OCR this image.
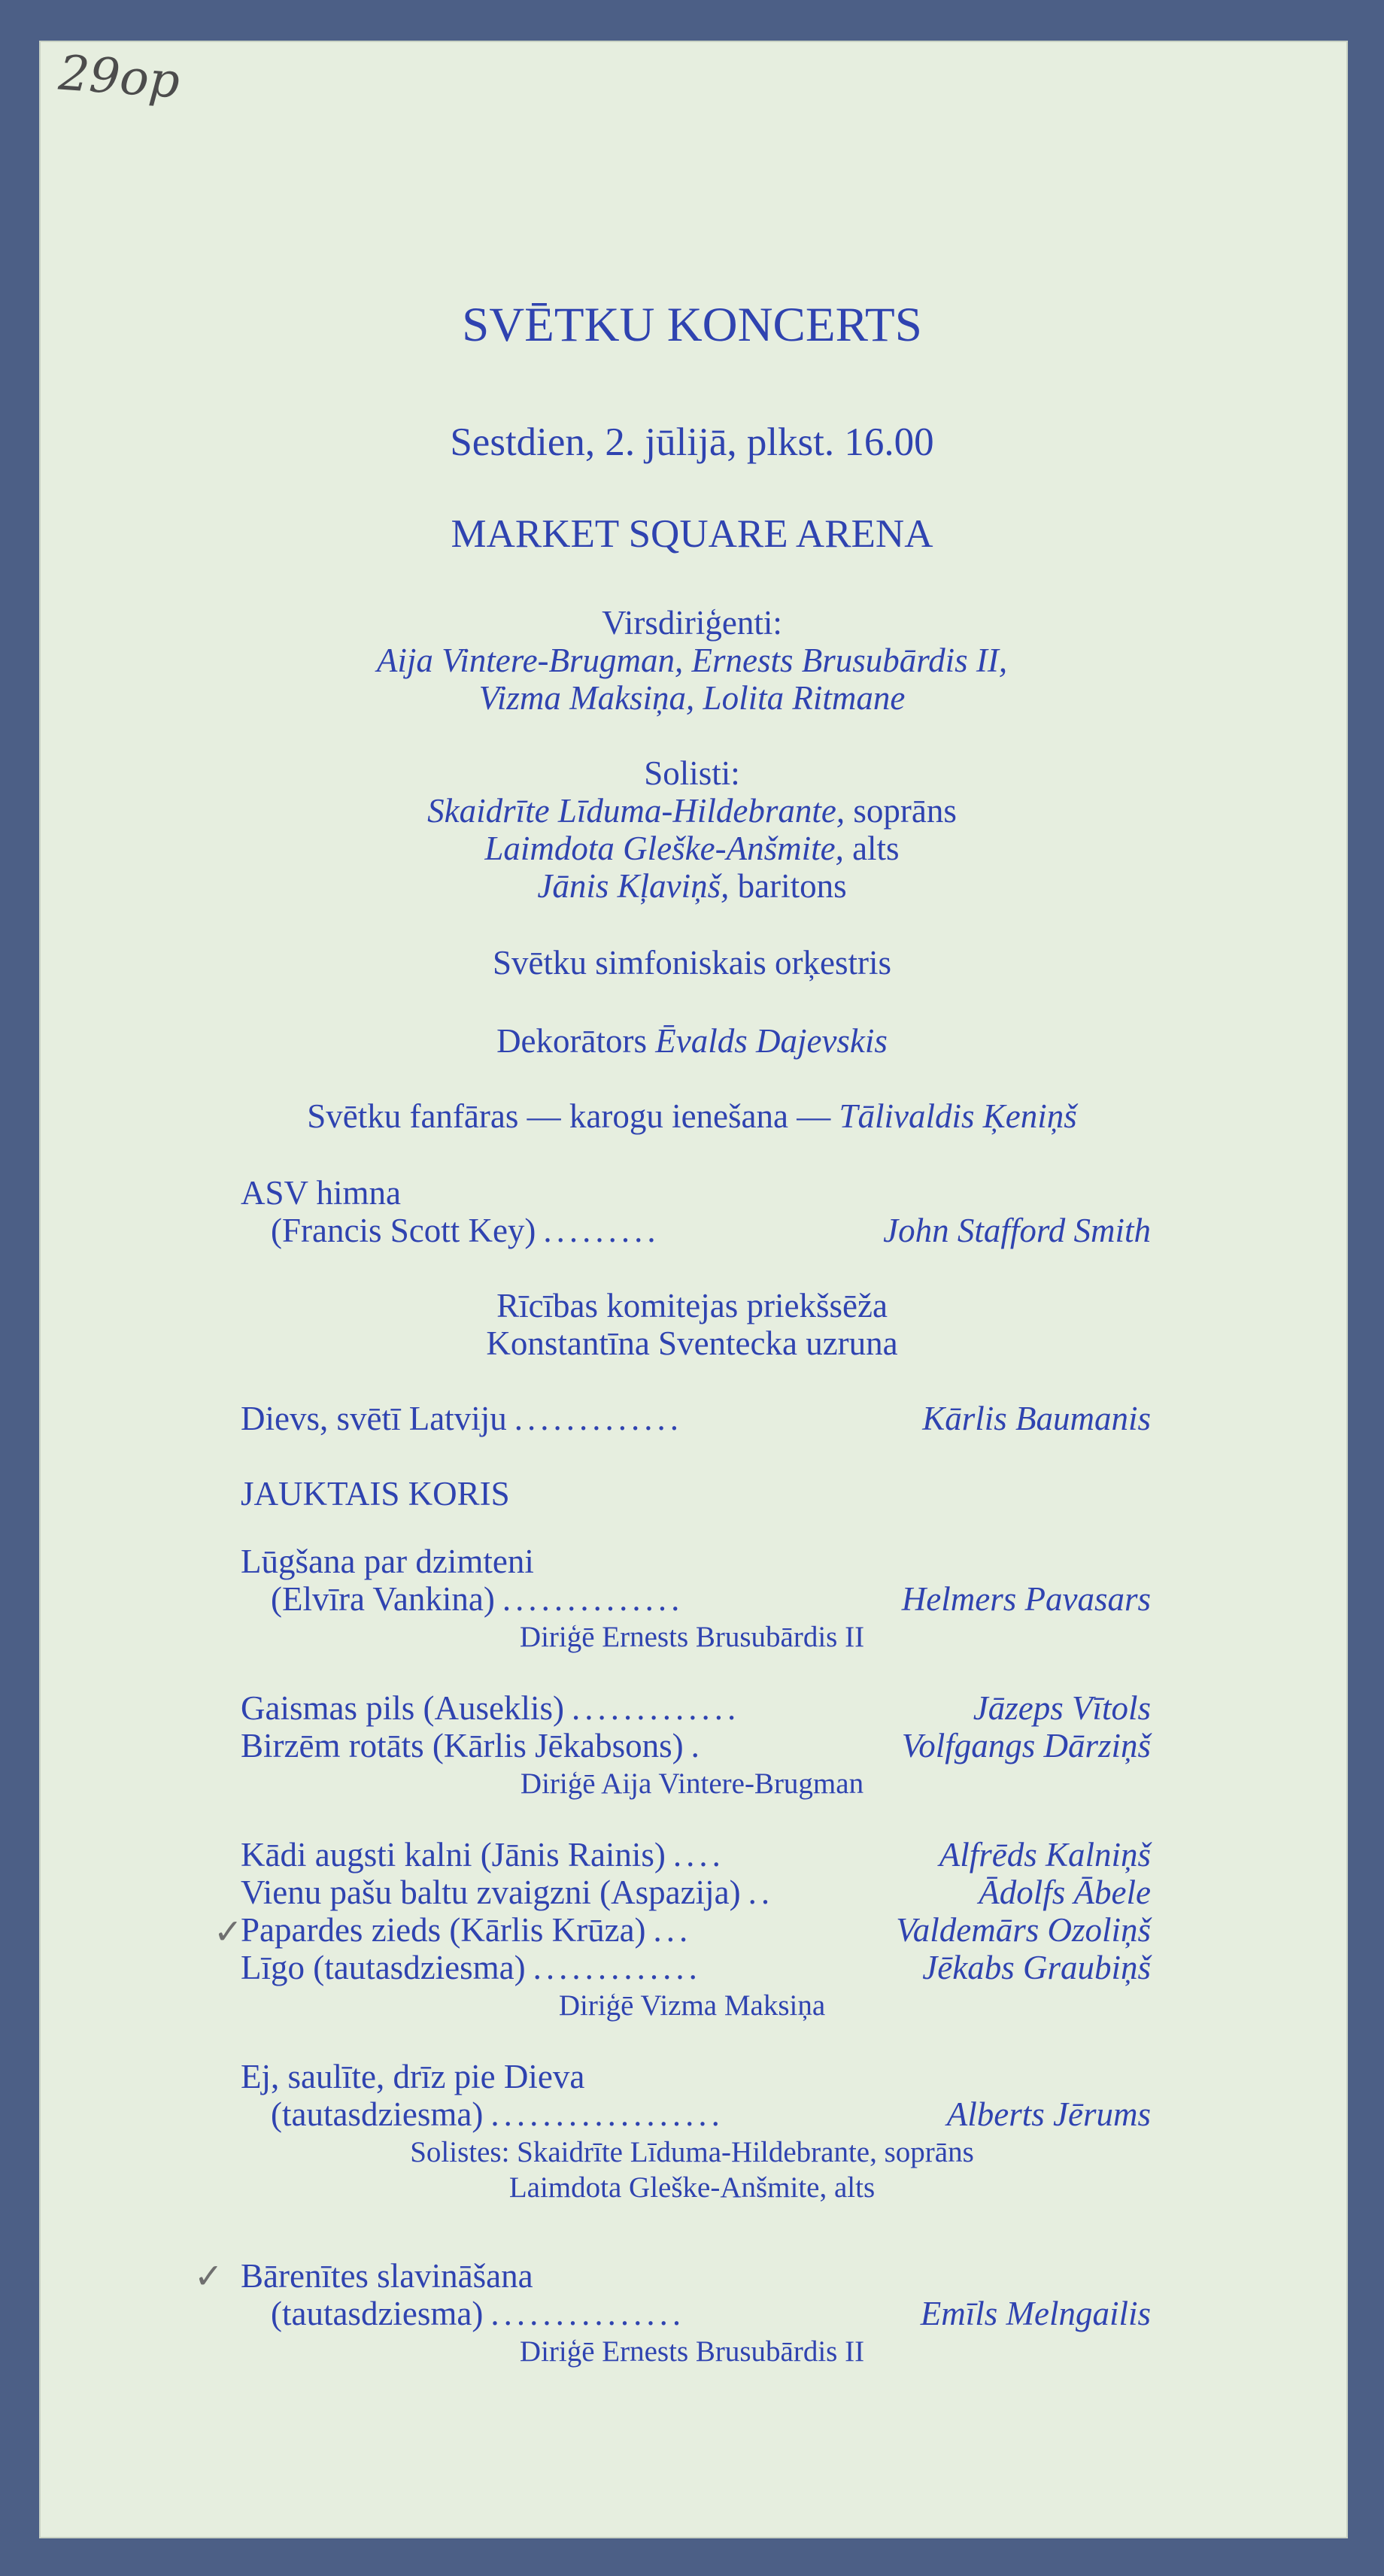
29op
SVĒTKU KONCERTS
Sestdien, 2. jūlijā, plkst. 16.00
MARKET SQUARE ARENA
Virsdiriģenti:
Aija Vintere-Brugman, Ernests Brusubārdis II,
Vizma Maksiņa, Lolita Ritmane
Solisti:
Skaidrīte Līduma-Hildebrante, soprāns
Laimdota Gleške-Anšmite, alts
Jānis Kļaviņš, baritons
Svētku simfoniskais orķestris
Dekorātors Ēvalds Dajevskis
Svētku fanfāras — karogu ienešana — Tālivaldis Ķeniņš
ASV himna
(Francis Scott Key) .........	John Stafford Smith
Rīcības komitejas priekšsēža
Konstantīna Sventecka uzruna
Dievs, svētī Latviju .............	Kārlis Baumanis
JAUKTAIS KORIS
Lūgšana par dzimteni
(Elvīra Vankina) ..............	Helmers Pavasars
Diriģē Ernests Brusubārdis II
Gaismas pils (Auseklis) .............	Jāzeps Vītols
Birzēm rotāts (Kārlis Jēkabsons) .	Volfgangs Dārziņš
Diriģē Aija Vintere-Brugman
Kādi augsti kalni (Jānis Rainis) ....	Alfrēds Kalniņš
Vienu pašu baltu zvaigzni (Aspazija) ..	Ādolfs Ābele
✓
Papardes zieds (Kārlis Krūza) ...	Valdemārs Ozoliņš
Līgo (tautasdziesma) .............	Jēkabs Graubiņš
Diriģē Vizma Maksiņa
Ej, saulīte, drīz pie Dieva
(tautasdziesma) ..................	Alberts Jērums
Solistes: Skaidrīte Līduma-Hildebrante, soprāns
Laimdota Gleške-Anšmite, alts
✓ Bārenītes slavināšana
(tautasdziesma) ...............	Emīls Melngailis
Diriģē Ernests Brusubārdis II
